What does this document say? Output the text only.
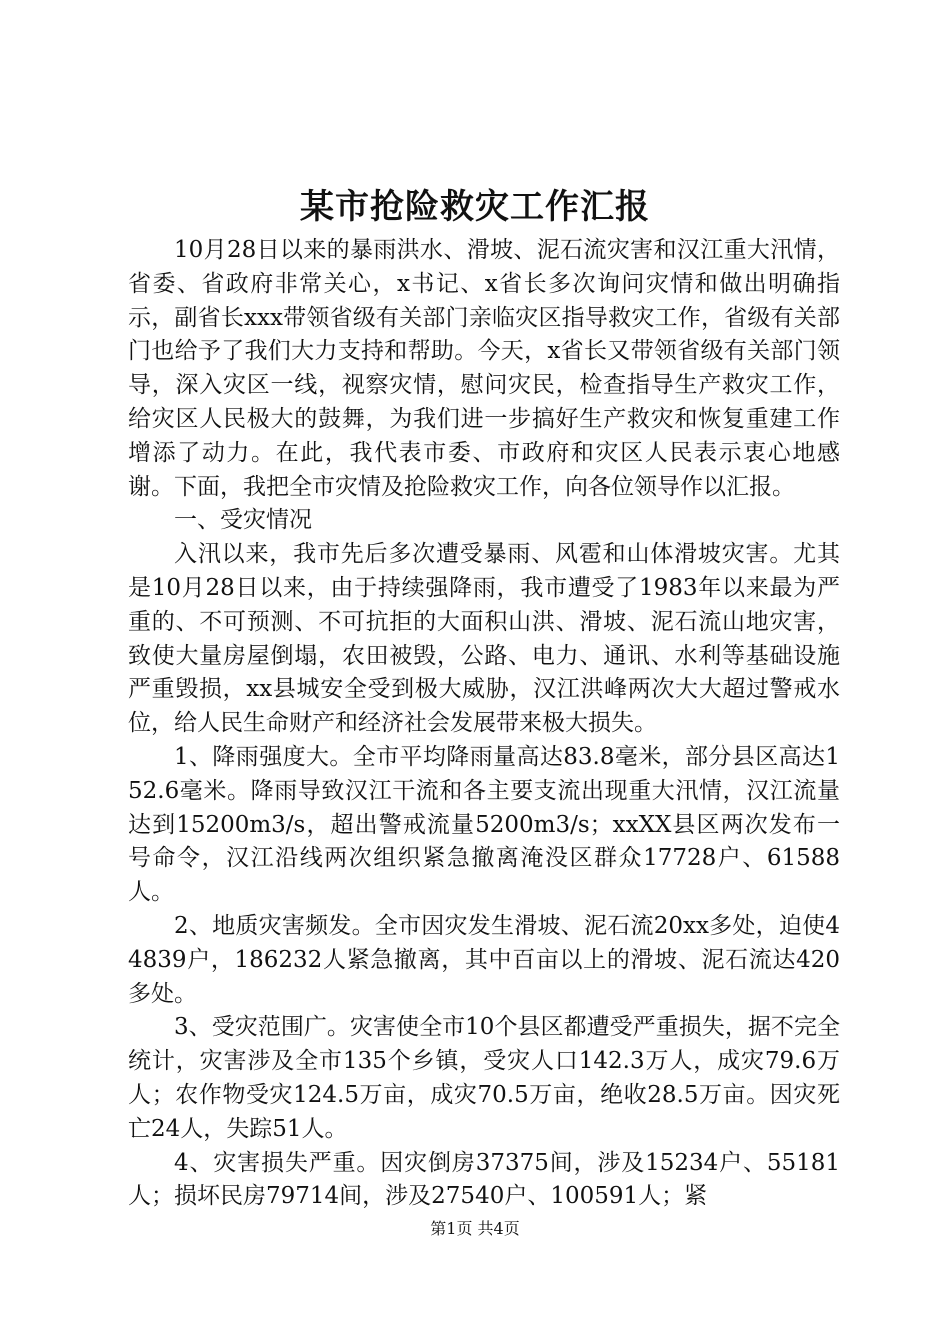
某市抢险救灾工作汇报

10月28日以来的暴雨洪水、滑坡、泥石流灾害和汉江重大汛情，省委、省政府非常关心，x书记、x省长多次询问灾情和做出明确指示，副省长xxx带领省级有关部门亲临灾区指导救灾工作，省级有关部门也给予了我们大力支持和帮助。今天，x省长又带领省级有关部门领导，深入灾区一线，视察灾情，慰问灾民，检查指导生产救灾工作，给灾区人民极大的鼓舞，为我们进一步搞好生产救灾和恢复重建工作增添了动力。在此，我代表市委、市政府和灾区人民表示衷心地感谢。下面，我把全市灾情及抢险救灾工作，向各位领导作以汇报。

一、受灾情况

入汛以来，我市先后多次遭受暴雨、风雹和山体滑坡灾害。尤其是10月28日以来，由于持续强降雨，我市遭受了1983年以来最为严重的、不可预测、不可抗拒的大面积山洪、滑坡、泥石流山地灾害，致使大量房屋倒塌，农田被毁，公路、电力、通讯、水利等基础设施严重毁损，xx县城安全受到极大威胁，汉江洪峰两次大大超过警戒水位，给人民生命财产和经济社会发展带来极大损失。

1、降雨强度大。全市平均降雨量高达83.8毫米，部分县区高达152.6毫米。降雨导致汉江干流和各主要支流出现重大汛情，汉江流量达到15200m3/s，超出警戒流量5200m3/s；xxXX县区两次发布一号命令，汉江沿线两次组织紧急撤离淹没区群众17728户、61588人。

2、地质灾害频发。全市因灾发生滑坡、泥石流20xx多处，迫使44839户，186232人紧急撤离，其中百亩以上的滑坡、泥石流达420多处。

3、受灾范围广。灾害使全市10个县区都遭受严重损失，据不完全统计，灾害涉及全市135个乡镇，受灾人口142.3万人，成灾79.6万人；农作物受灾124.5万亩，成灾70.5万亩，绝收28.5万亩。因灾死亡24人，失踪51人。

4、灾害损失严重。因灾倒房37375间，涉及15234户、55181人；损坏民房79714间，涉及27540户、100591人；紧

第1页 共4页
